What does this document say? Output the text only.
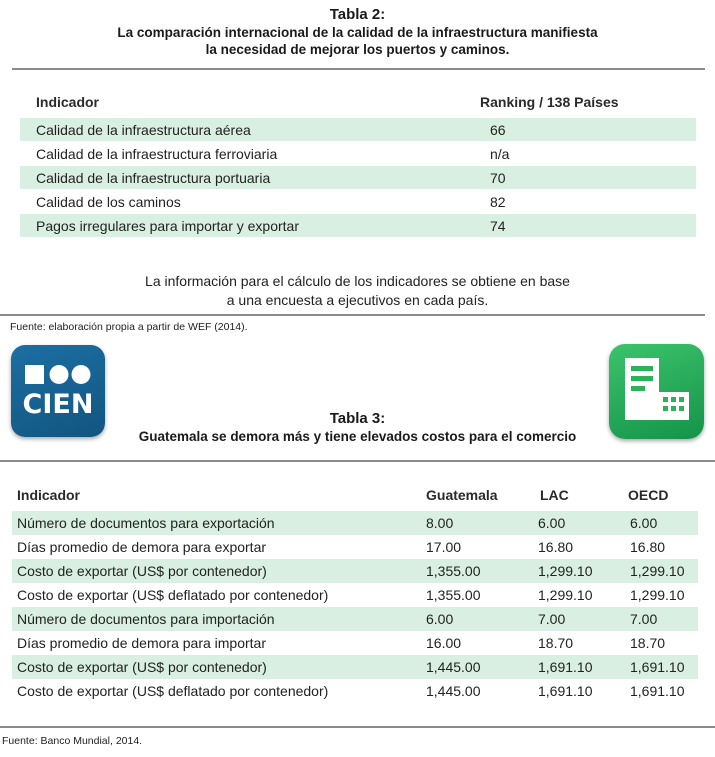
Tabla 2:
La comparación internacional de la calidad de la infraestructura manifiesta
la necesidad de mejorar los puertos y caminos.
Indicador	Ranking / 138 Países
Calidad de la infraestructura aérea	66
Calidad de la infraestructura ferroviaria	n/a
Calidad de la infraestructura portuaria	70
Calidad de los caminos	82
Pagos irregulares para importar y exportar	74
La información para el cálculo de los indicadores se obtiene en base
a una encuesta a ejecutivos en cada país.
Fuente: elaboración propia a partir de WEF (2014).
CIEN	Tabla 3:
Guatemala se demora más y tiene elevados costos para el comercio
Indicador	Guatemala	LAC	OECD
Número de documentos para exportación	8.00	6.00	6.00
Días promedio de demora para exportar	17.00	16.80	16.80
Costo de exportar (US$ por contenedor)	1,355.00	1,299.10	1,299.10
Costo de exportar (US$ deflatado por contenedor)	1,355.00	1,299.10	1,299.10
Número de documentos para importación	6.00	7.00	7.00
Días promedio de demora para importar	16.00	18.70	18.70
Costo de exportar (US$ por contenedor)	1,445.00	1,691.10	1,691.10
Costo de exportar (US$ deflatado por contenedor)	1,445.00	1,691.10	1,691.10
Fuente: Banco Mundial, 2014.
